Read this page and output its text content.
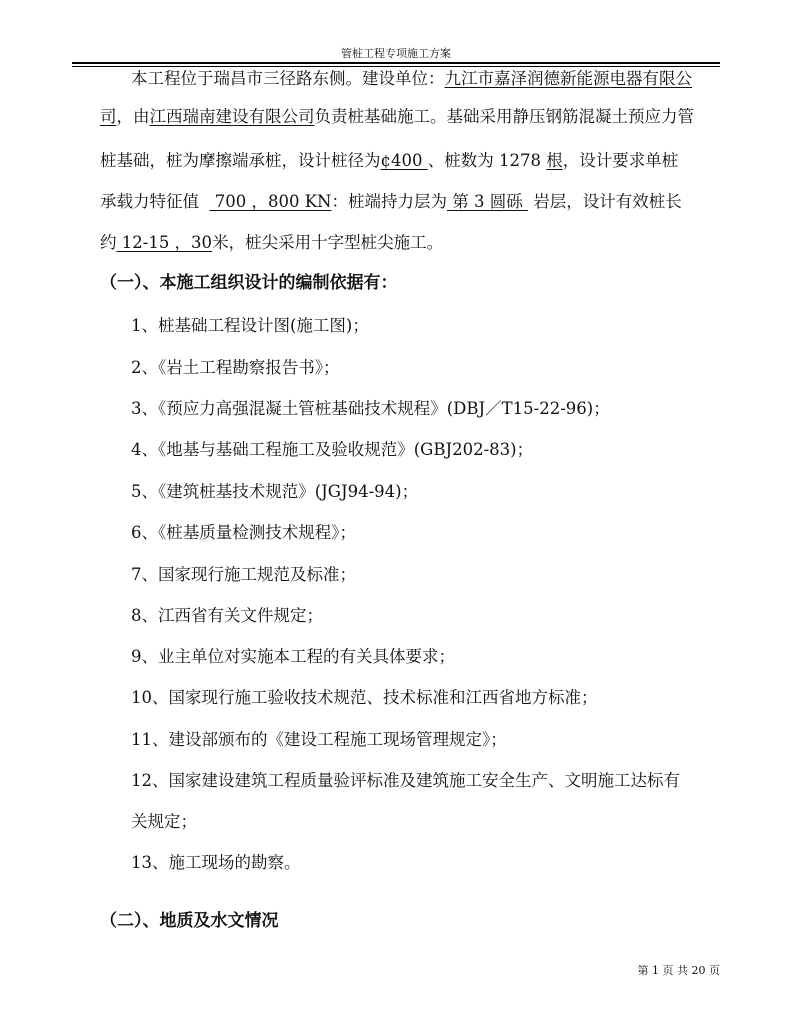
管桩工程专项施工方案
本工程位于瑞昌市三径路东侧。建设单位：九江市嘉泽润德新能源电器有限公
司，由江西瑞南建设有限公司负责桩基础施工。基础采用静压钢筋混凝土预应力管
桩基础，桩为摩擦端承桩，设计桩径为¢400 、桩数为 1278 根，设计要求单桩
承载力特征值   700 ，800 KN：桩端持力层为 第 3 圆砾  岩层，设计有效桩长
约 12-15 ，30米，桩尖采用十字型桩尖施工。
（一）、本施工组织设计的编制依据有：
1、桩基础工程设计图(施工图)；
2、《岩土工程勘察报告书》；
3、《预应力高强混凝土管桩基础技术规程》(DBJ／T15-22-96)；
4、《地基与基础工程施工及验收规范》(GBJ202-83)；
5、《建筑桩基技术规范》(JGJ94-94)；
6、《桩基质量检测技术规程》；
7、国家现行施工规范及标准；
8、江西省有关文件规定；
9、业主单位对实施本工程的有关具体要求；
10、国家现行施工验收技术规范、技术标准和江西省地方标准；
11、建设部颁布的《建设工程施工现场管理规定》；
12、国家建设建筑工程质量验评标准及建筑施工安全生产、文明施工达标有
关规定；
13、施工现场的勘察。
（二）、地质及水文情况
第 1 页 共 20 页
